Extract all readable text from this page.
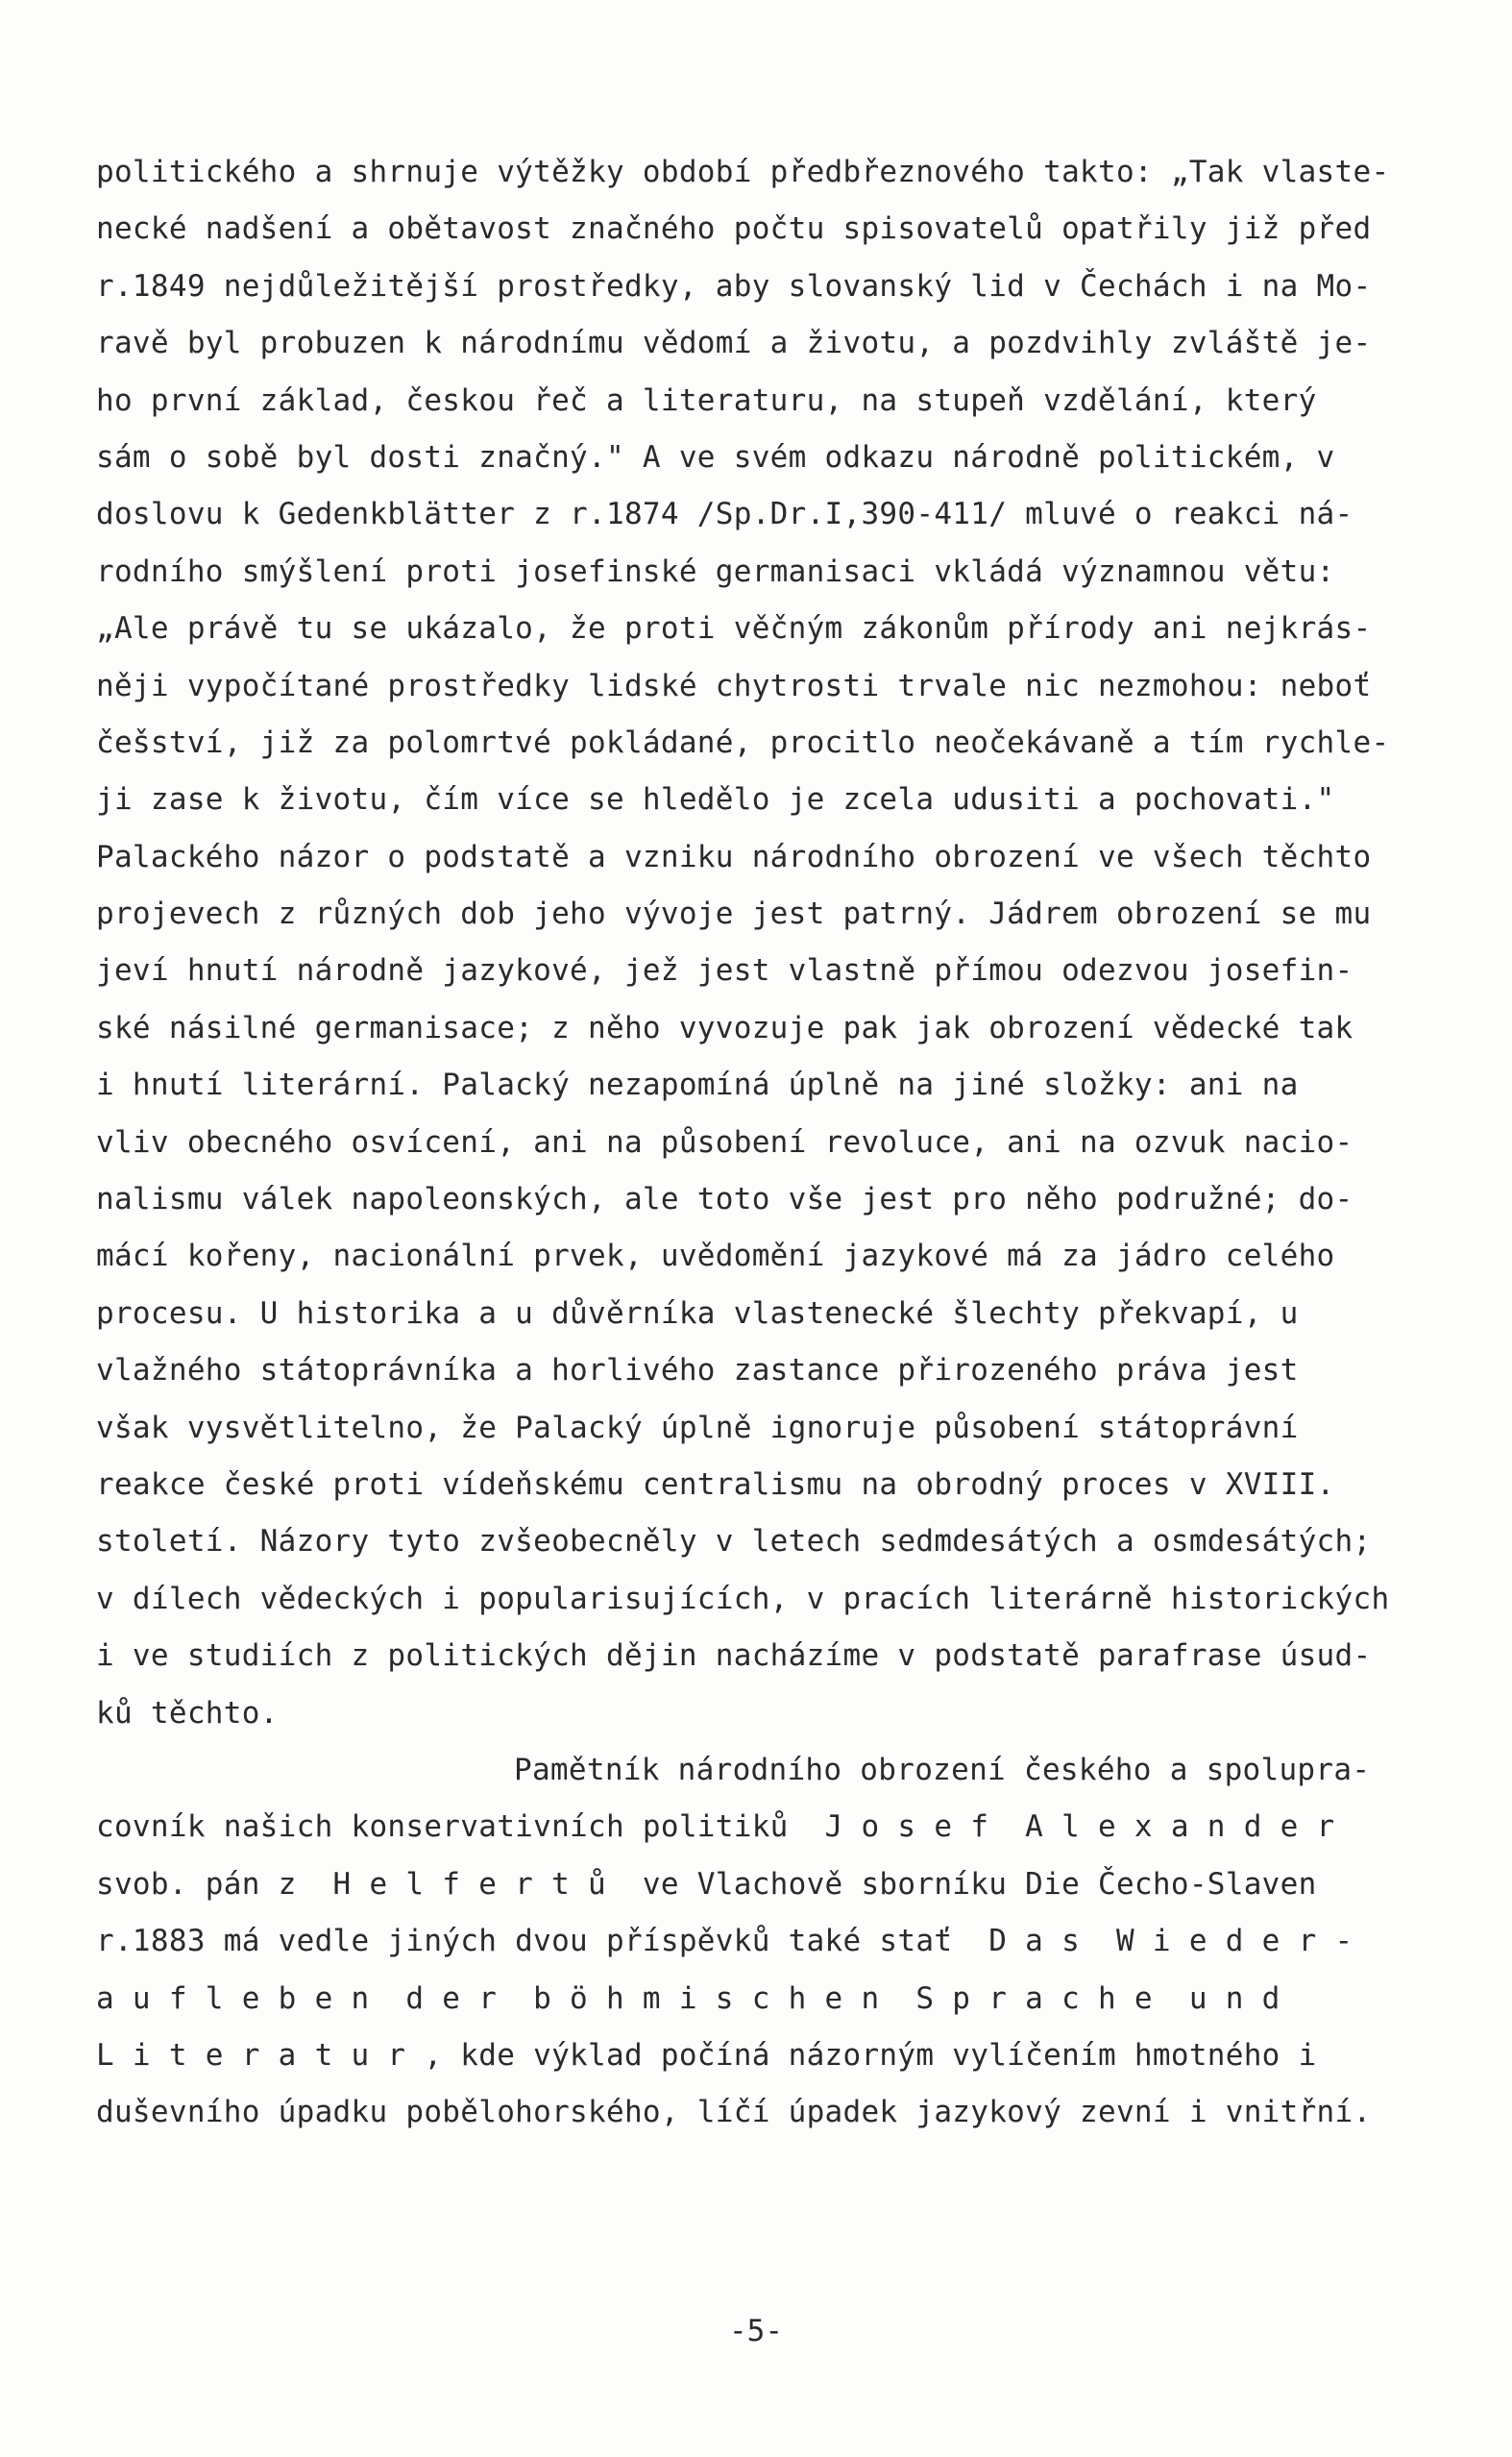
politického a shrnuje výtěžky období předbřeznového takto: „Tak vlaste-
necké nadšení a obětavost značného počtu spisovatelů opatřily již před
r.1849 nejdůležitější prostředky, aby slovanský lid v Čechách i na Mo-
ravě byl probuzen k národnímu vědomí a životu, a pozdvihly zvláště je-
ho první základ, českou řeč a literaturu, na stupeň vzdělání, který
sám o sobě byl dosti značný." A ve svém odkazu národně politickém, v
doslovu k Gedenkblätter z r.1874 /Sp.Dr.I,390-411/ mluvé o reakci ná-
rodního smýšlení proti josefinské germanisaci vkládá významnou větu:
„Ale právě tu se ukázalo, že proti věčným zákonům přírody ani nejkrás-
něji vypočítané prostředky lidské chytrosti trvale nic nezmohou: neboť
češství, již za polomrtvé pokládané, procitlo neočekávaně a tím rychle-
ji zase k životu, čím více se hledělo je zcela udusiti a pochovati."
Palackého názor o podstatě a vzniku národního obrození ve všech těchto
projevech z různých dob jeho vývoje jest patrný. Jádrem obrození se mu
jeví hnutí národně jazykové, jež jest vlastně přímou odezvou josefin-
ské násilné germanisace; z něho vyvozuje pak jak obrození vědecké tak
i hnutí literární. Palacký nezapomíná úplně na jiné složky: ani na
vliv obecného osvícení, ani na působení revoluce, ani na ozvuk nacio-
nalismu válek napoleonských, ale toto vše jest pro něho podružné; do-
mácí kořeny, nacionální prvek, uvědomění jazykové má za jádro celého
procesu. U historika a u důvěrníka vlastenecké šlechty překvapí, u
vlažného státoprávníka a horlivého zastance přirozeného práva jest
však vysvětlitelno, že Palacký úplně ignoruje působení státoprávní
reakce české proti vídeňskému centralismu na obrodný proces v XVIII.
století. Názory tyto zvšeobecněly v letech sedmdesátých a osmdesátých;
v dílech vědeckých i popularisujících, v pracích literárně historických
i ve studiích z politických dějin nacházíme v podstatě parafrase úsud-
ků těchto.
Pamětník národního obrození českého a spolupra-
covník našich konservativních politiků  J o s e f  A l e x a n d e r
svob. pán z  H e l f e r t ů  ve Vlachově sborníku Die Čecho-Slaven
r.1883 má vedle jiných dvou příspěvků také stať  D a s  W i e d e r -
a u f l e b e n  d e r  b ö h m i s c h e n  S p r a c h e  u n d
L i t e r a t u r , kde výklad počíná názorným vylíčením hmotného i
duševního úpadku pobělohorského, líčí úpadek jazykový zevní i vnitřní.
-5-
